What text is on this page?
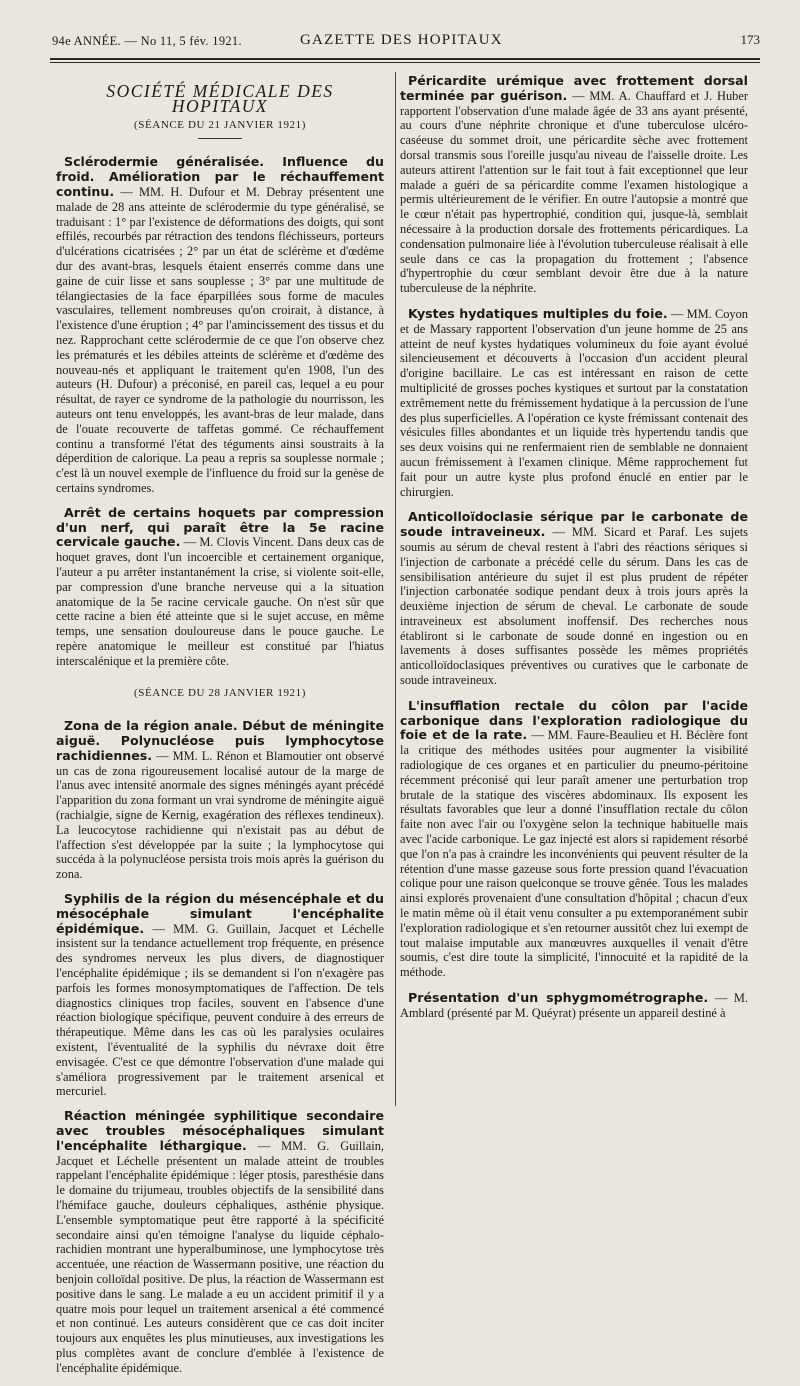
94e ANNÉE. — No 11, 5 fév. 1921.	GAZETTE DES HOPITAUX	173
SOCIÉTÉ MÉDICALE DES HOPITAUX
(SÉANCE DU 21 JANVIER 1921)

Sclérodermie généralisée. Influence du froid. Amélioration par le réchauffement continu. — MM. H. Dufour et M. Debray présentent une malade de 28 ans atteinte de sclérodermie du type généralisé, se traduisant : 1° par l'existence de déformations des doigts, qui sont effilés, recourbés par rétraction des tendons fléchisseurs, porteurs d'ulcérations cicatrisées ; 2° par un état de sclérème et d'œdème dur des avant-bras, lesquels étaient enserrés comme dans une gaine de cuir lisse et sans souplesse ; 3° par une multitude de télangiectasies de la face éparpillées sous forme de macules vasculaires, tellement nombreuses qu'on croirait, à distance, à l'existence d'une éruption ; 4° par l'amincissement des tissus et du nez. Rapprochant cette sclérodermie de ce que l'on observe chez les prématurés et les débiles atteints de sclérème et d'œdème des nouveau-nés et appliquant le traitement qu'en 1908, l'un des auteurs (H. Dufour) a préconisé, en pareil cas, lequel a eu pour résultat, de rayer ce syndrome de la pathologie du nourrisson, les auteurs ont tenu enveloppés, les avant-bras de leur malade, dans de l'ouate recouverte de taffetas gommé. Ce réchauffement continu a transformé l'état des téguments ainsi soustraits à la déperdition de calorique. La peau a repris sa souplesse normale ; c'est là un nouvel exemple de l'influence du froid sur la genèse de certains syndromes.

Arrêt de certains hoquets par compression d'un nerf, qui paraît être la 5e racine cervicale gauche. — M. Clovis Vincent. Dans deux cas de hoquet graves, dont l'un incoercible et certainement organique, l'auteur a pu arrêter instantanément la crise, si violente soit-elle, par compression d'une branche nerveuse qui a la situation anatomique de la 5e racine cervicale gauche. On n'est sûr que cette racine a bien été atteinte que si le sujet accuse, en même temps, une sensation douloureuse dans le pouce gauche. Le repère anatomique le meilleur est constitué par l'hiatus interscalénique et la première côte.

(SÉANCE DU 28 JANVIER 1921)

Zona de la région anale. Début de méningite aiguë. Polynucléose puis lymphocytose rachidiennes. — MM. L. Rénon et Blamoutier ont observé un cas de zona rigoureusement localisé autour de la marge de l'anus avec intensité anormale des signes méningés ayant précédé l'apparition du zona formant un vrai syndrome de méningite aiguë (rachialgie, signe de Kernig, exagération des réflexes tendineux). La leucocytose rachidienne qui n'existait pas au début de l'affection s'est développée par la suite ; la lymphocytose qui succéda à la polynucléose persista trois mois après la guérison du zona.

Syphilis de la région du mésencéphale et du mésocéphale simulant l'encéphalite épidémique. — MM. G. Guillain, Jacquet et Léchelle insistent sur la tendance actuellement trop fréquente, en présence des syndromes nerveux les plus divers, de diagnostiquer l'encéphalite épidémique ; ils se demandent si l'on n'exagère pas parfois les formes monosymptomatiques de l'affection. De tels diagnostics cliniques trop faciles, souvent en l'absence d'une réaction biologique spécifique, peuvent conduire à des erreurs de thérapeutique. Même dans les cas où les paralysies oculaires existent, l'éventualité de la syphilis du névraxe doit être envisagée. C'est ce que démontre l'observation d'une malade qui s'améliora progressivement par le traitement arsenical et mercuriel.

Réaction méningée syphilitique secondaire avec troubles mésocéphaliques simulant l'encéphalite léthargique. — MM. G. Guillain, Jacquet et Léchelle présentent un malade atteint de troubles rappelant l'encéphalite épidémique : léger ptosis, paresthésie dans le domaine du trijumeau, troubles objectifs de la sensibilité dans l'hémiface gauche, douleurs céphaliques, asthénie physique. L'ensemble symptomatique peut être rapporté à la spécificité secondaire ainsi qu'en témoigne l'analyse du liquide céphalo-rachidien montrant une hyperalbuminose, une lymphocytose très accentuée, une réaction de Wassermann positive, une réaction du benjoin colloïdal positive. De plus, la réaction de Wassermann est positive dans le sang. Le malade a eu un accident primitif il y a quatre mois pour lequel un traitement arsenical a été commencé et non continué. Les auteurs considèrent que ce cas doit inciter toujours aux enquêtes les plus minutieuses, aux investigations les plus complètes avant de conclure d'emblée à l'existence de l'encéphalite épidémique.

Péricardite urémique avec frottement dorsal terminée par guérison. — MM. A. Chauffard et J. Huber rapportent l'observation d'une malade âgée de 33 ans ayant présenté, au cours d'une néphrite chronique et d'une tuberculose ulcéro-caséeuse du sommet droit, une péricardite sèche avec frottement dorsal transmis sous l'oreille jusqu'au niveau de l'aisselle droite. Les auteurs attirent l'attention sur le fait tout à fait exceptionnel que leur malade a guéri de sa péricardite comme l'examen histologique a permis ultérieurement de le vérifier. En outre l'autopsie a montré que le cœur n'était pas hypertrophié, condition qui, jusque-là, semblait nécessaire à la production dorsale des frottements péricardiques. La condensation pulmonaire liée à l'évolution tuberculeuse réalisait à elle seule dans ce cas la propagation du frottement ; l'absence d'hypertrophie du cœur semblant devoir être due à la nature tuberculeuse de la néphrite.

Kystes hydatiques multiples du foie. — MM. Coyon et de Massary rapportent l'observation d'un jeune homme de 25 ans atteint de neuf kystes hydatiques volumineux du foie ayant évolué silencieusement et découverts à l'occasion d'un accident pleural d'origine bacillaire. Le cas est intéressant en raison de cette multiplicité de grosses poches kystiques et surtout par la constatation extrêmement nette du frémissement hydatique à la percussion de l'une des plus superficielles. A l'opération ce kyste frémissant contenait des vésicules filles abondantes et un liquide très hypertendu tandis que ses deux voisins qui ne renfermaient rien de semblable ne donnaient aucun frémissement à l'examen clinique. Même rapprochement fut fait pour un autre kyste plus profond énuclé en entier par le chirurgien.

Anticolloïdoclasie sérique par le carbonate de soude intraveineux. — MM. Sicard et Paraf. Les sujets soumis au sérum de cheval restent à l'abri des réactions sériques si l'injection de carbonate a précédé celle du sérum. Dans les cas de sensibilisation antérieure du sujet il est plus prudent de répéter l'injection carbonatée sodique pendant deux à trois jours après la deuxième injection de sérum de cheval. Le carbonate de soude intraveineux est absolument inoffensif. Des recherches nous établiront si le carbonate de soude donné en ingestion ou en lavements à doses suffisantes possède les mêmes propriétés anticolloïdoclasiques préventives ou curatives que le carbonate de soude intraveineux.

L'insufflation rectale du côlon par l'acide carbonique dans l'exploration radiologique du foie et de la rate. — MM. Faure-Beaulieu et H. Béclère font la critique des méthodes usitées pour augmenter la visibilité radiologique de ces organes et en particulier du pneumo-péritoine récemment préconisé qui leur paraît amener une perturbation trop brutale de la statique des viscères abdominaux. Ils exposent les résultats favorables que leur a donné l'insufflation rectale du côlon faite non avec l'air ou l'oxygène selon la technique habituelle mais avec l'acide carbonique. Le gaz injecté est alors si rapidement résorbé que l'on n'a pas à craindre les inconvénients qui peuvent résulter de la rétention d'une masse gazeuse sous forte pression quand l'évacuation colique pour une raison quelconque se trouve gênée. Tous les malades ainsi explorés provenaient d'une consultation d'hôpital ; chacun d'eux le matin même où il était venu consulter a pu extemporanément subir l'exploration radiologique et s'en retourner aussitôt chez lui exempt de tout malaise imputable aux manœuvres auxquelles il venait d'être soumis, c'est dire toute la simplicité, l'innocuité et la rapidité de la méthode.

Présentation d'un sphygmométrographe. — M. Amblard (présenté par M. Quéyrat) présente un appareil destiné à
